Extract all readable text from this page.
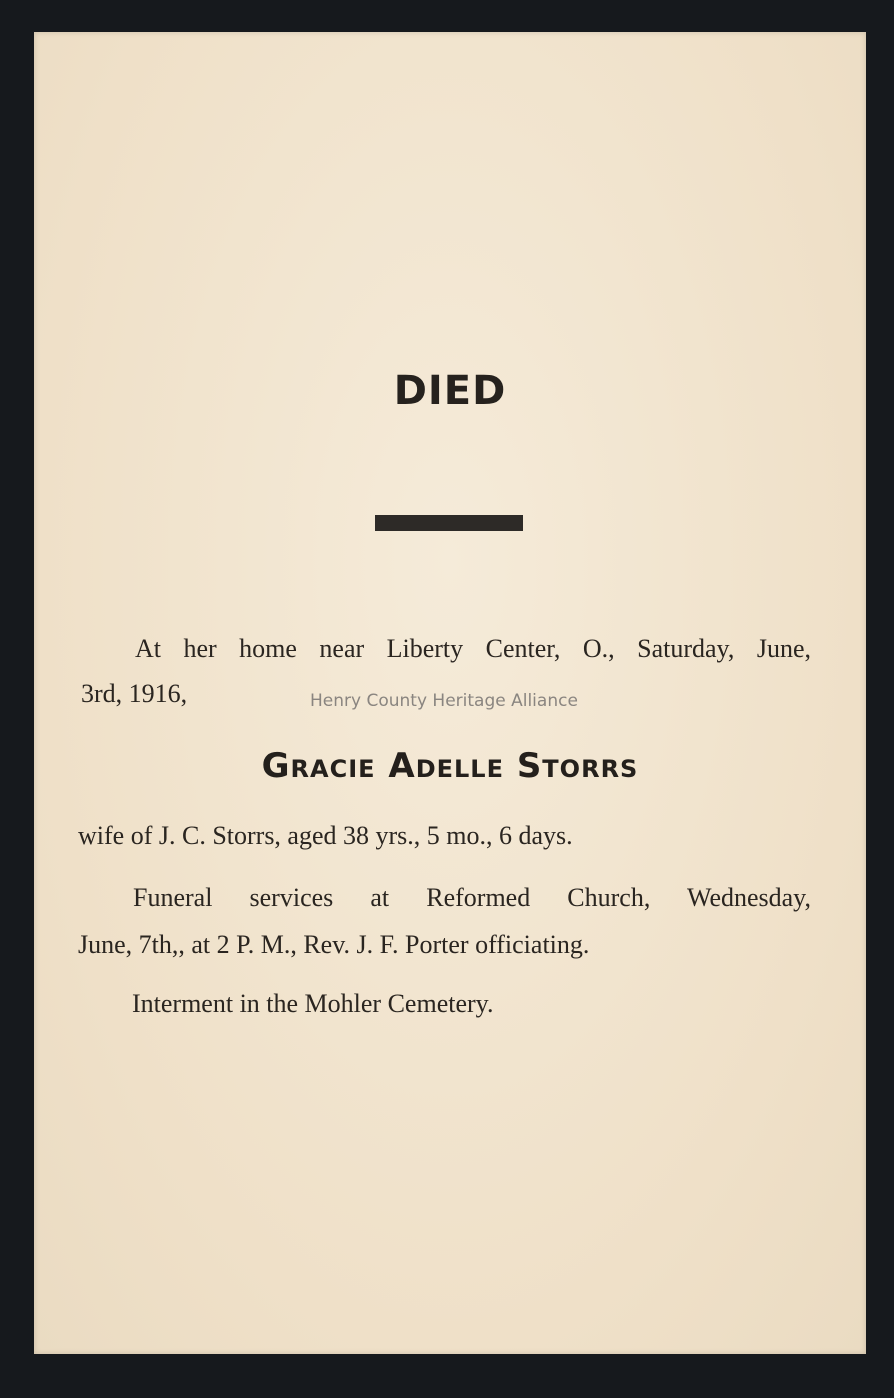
DIED

At her home near Liberty Center, O., Saturday, June,

3rd, 1916,	Henry County Heritage Alliance

Gracie Adelle Storrs

wife of J. C. Storrs, aged 38 yrs., 5 mo., 6 days.

Funeral services at Reformed Church, Wednesday,

June, 7th,, at 2 P. M., Rev. J. F. Porter officiating.

Interment in the Mohler Cemetery.
